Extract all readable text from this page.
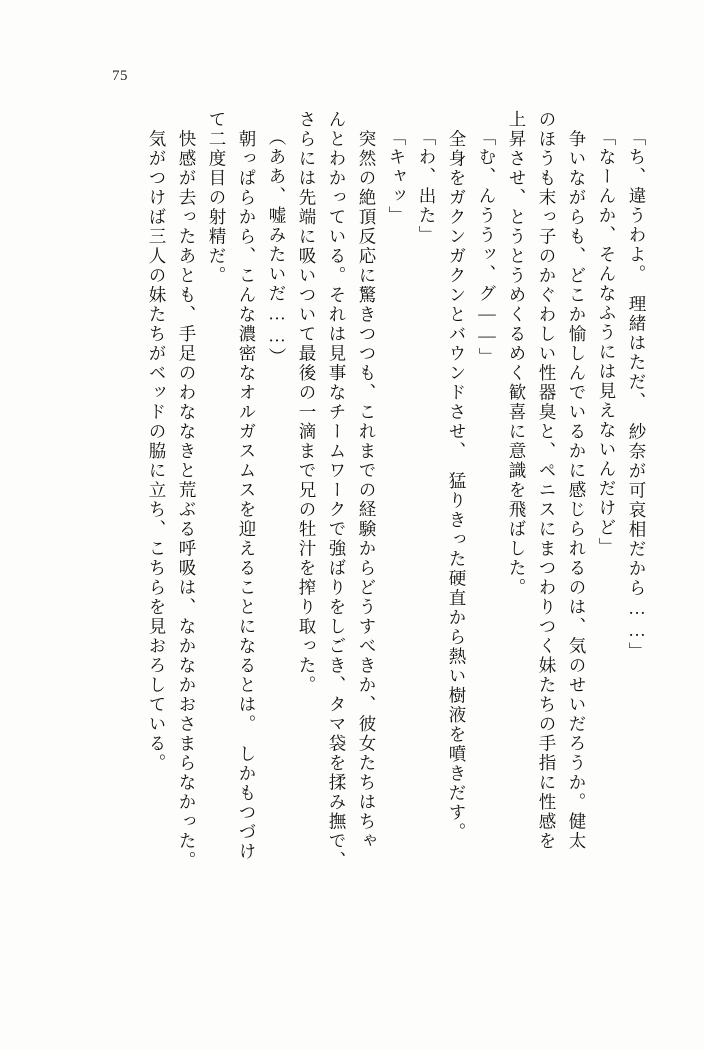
75
「ち、違うわよ。　理緒はただ、　紗奈が可哀相だから……」
「なーんか、そんなふうには見えないんだけど」
　争いながらも、どこか愉しんでいるかに感じられるのは、気のせいだろうか。健太
のほうも末っ子のかぐわしい性器臭と、ペニスにまつわりつく妹たちの手指に性感を
上昇させ、とうとうめくるめく歓喜に意識を飛ばした。
「む、んううッ、グ――」
　全身をガクンガクンとバウンドさせ、　猛りきった硬直から熱い樹液を噴きだす。
「わ、出た」
「キャッ」
　突然の絶頂反応に驚きつつも、これまでの経験からどうすべきか、彼女たちはちゃ
んとわかっている。それは見事なチームワークで強ばりをしごき、タマ袋を揉み撫で、
さらには先端に吸いついて最後の一滴まで兄の牡汁を搾り取った。
（ああ、嘘みたいだ……）
　朝っぱらから、こんな濃密なオルガスムスを迎えることになるとは。　しかもつづけ
て二度目の射精だ。
　快感が去ったあとも、手足のわななきと荒ぶる呼吸は、なかなかおさまらなかった。
　気がつけば三人の妹たちがベッドの脇に立ち、こちらを見おろしている。
